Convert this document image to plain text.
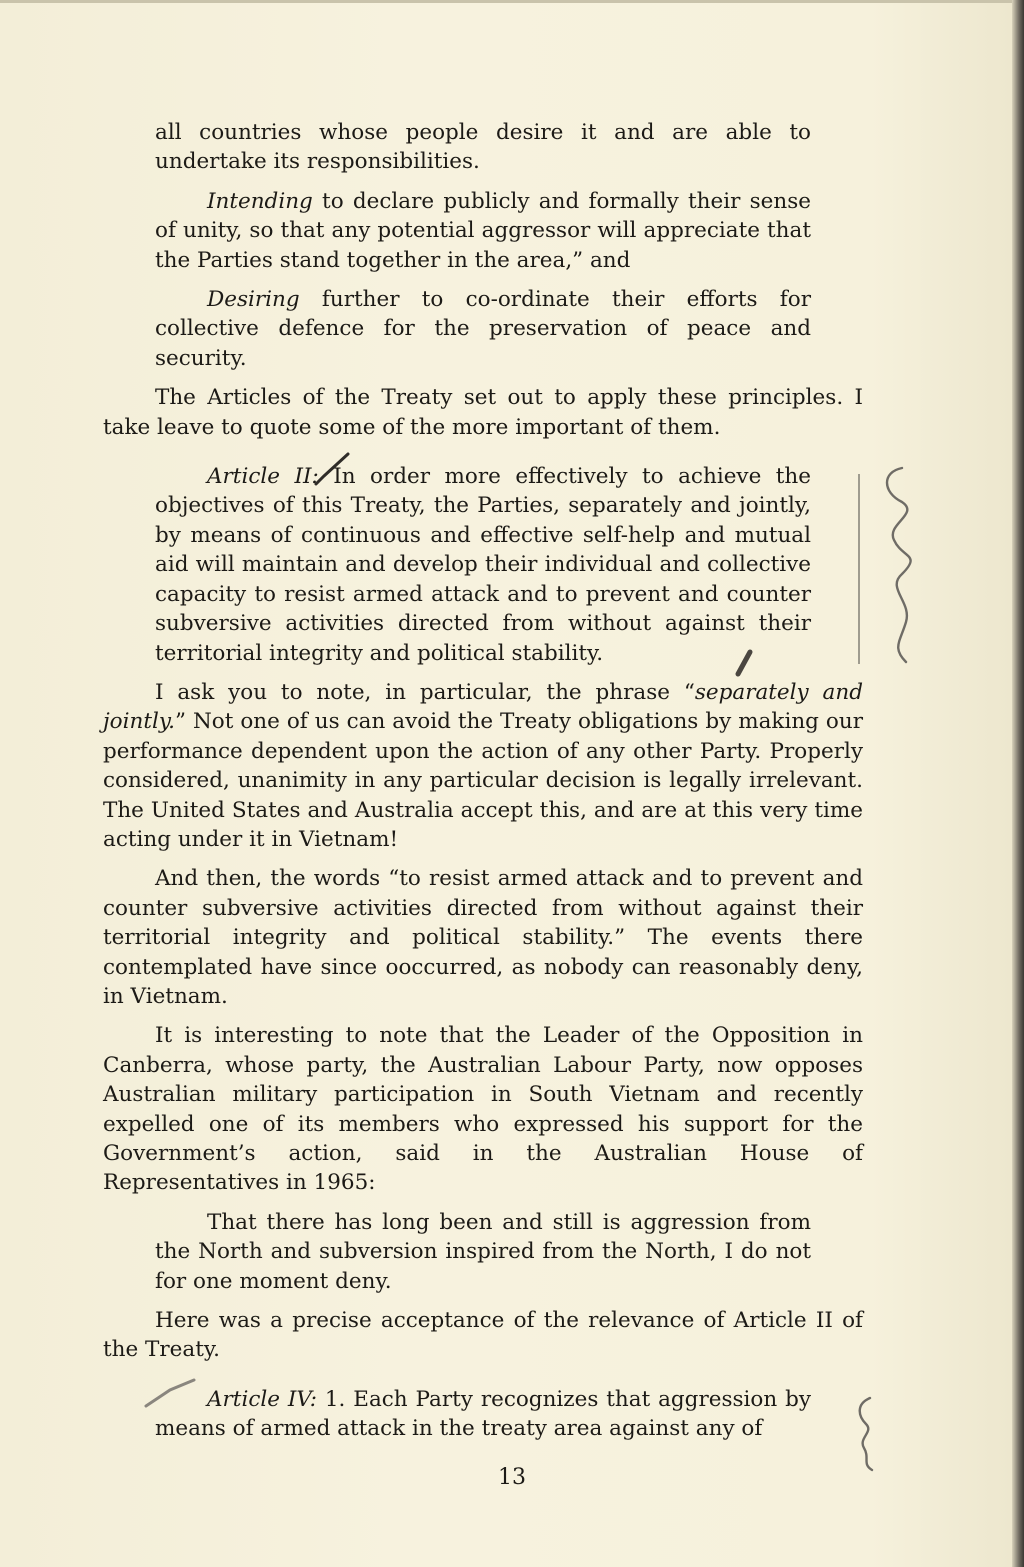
all countries whose people desire it and are able to undertake its responsibilities.

Intending to declare publicly and formally their sense of unity, so that any potential aggressor will appreciate that the Parties stand together in the area,” and

Desiring further to co-ordinate their efforts for collective defence for the preservation of peace and security.

The Articles of the Treaty set out to apply these principles. I take leave to quote some of the more important of them.

Article II: In order more effectively to achieve the objectives of this Treaty, the Parties, separately and jointly, by means of continuous and effective self-help and mutual aid will maintain and develop their individual and collective capacity to resist armed attack and to prevent and counter subversive activities directed from without against their territorial integrity and political stability.

I ask you to note, in particular, the phrase “separately and jointly.” Not one of us can avoid the Treaty obligations by making our performance dependent upon the action of any other Party. Properly considered, unanimity in any particular decision is legally irrelevant. The United States and Australia accept this, and are at this very time acting under it in Vietnam!

And then, the words “to resist armed attack and to prevent and counter subversive activities directed from without against their territorial integrity and political stability.” The events there contemplated have since ooccurred, as nobody can reasonably deny, in Vietnam.

It is interesting to note that the Leader of the Opposition in Canberra, whose party, the Australian Labour Party, now opposes Australian military participation in South Vietnam and recently expelled one of its members who expressed his support for the Government’s action, said in the Australian House of Representatives in 1965:

That there has long been and still is aggression from the North and subversion inspired from the North, I do not for one moment deny.

Here was a precise acceptance of the relevance of Article II of the Treaty.

Article IV: 1. Each Party recognizes that aggression by means of armed attack in the treaty area against any of

13
